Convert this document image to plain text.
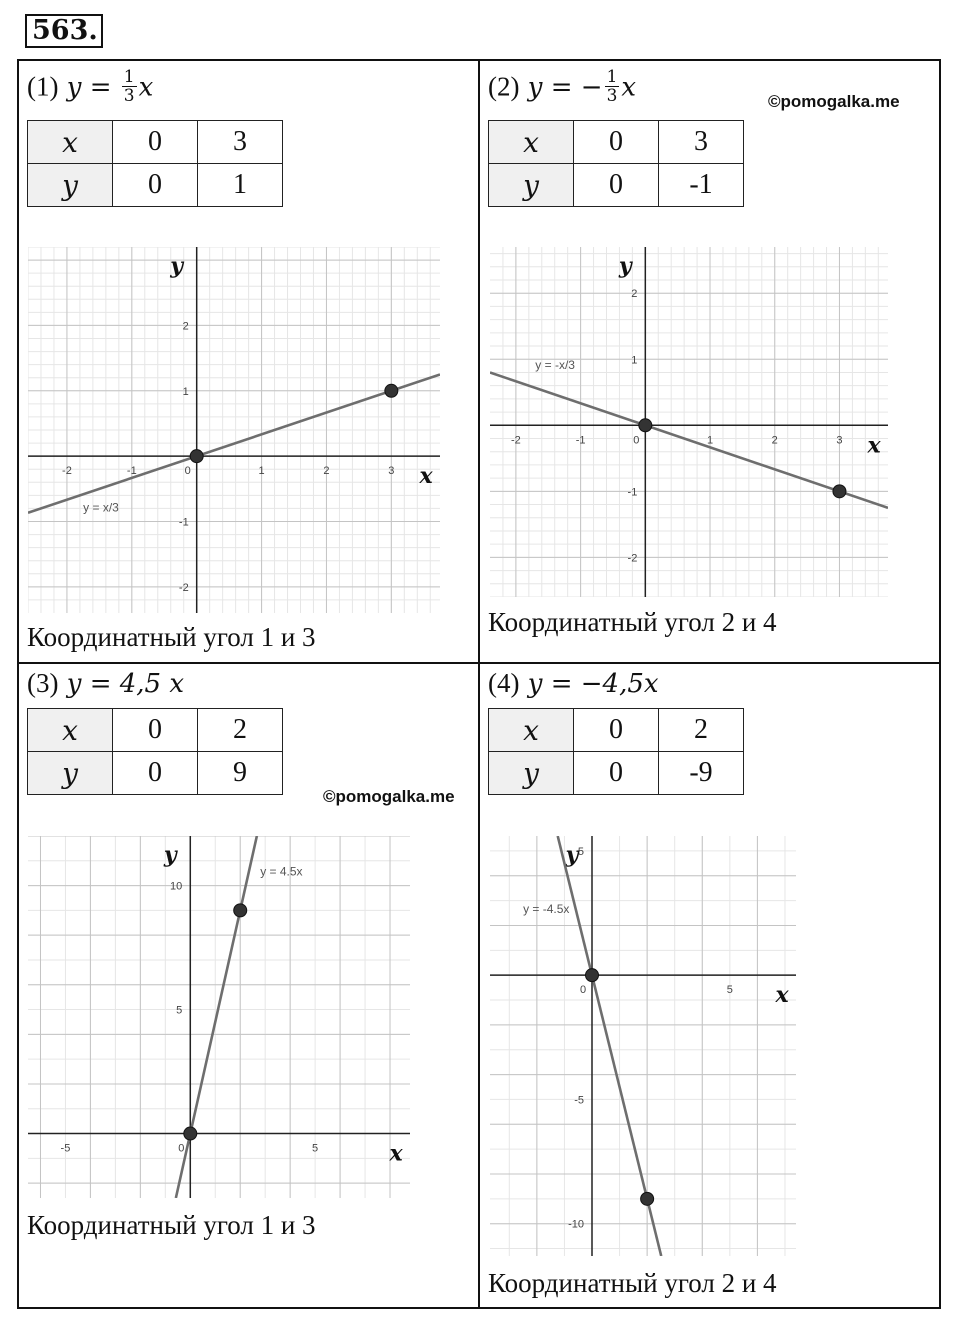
563.
(1) $y = \frac{1}{3}$ x
x	0	3
y	0	1
-2	-1	0	1	2	3
2
1
-1
-2
x
y
y = x/3
Координатный угол 1 и 3
(2) y = − $\frac{1}{3}$ x	©pomogalka.me
x	0	3
y	0	-1
-2	-1	0	1	2	3
2
1
-1
-2
x
y
y = -x/3
Координатный угол 2 и 4
(3) y = 4,5 x
x	0	2
y	0	9
©pomogalka.me
-5	0	5
10
5
x
y
y = 4.5x
Координатный угол 1 и 3
(4) y = −4,5x
x	0	2
y	0	-9
0	5
5
-5
-10
x
y
y = -4.5x
Координатный угол 2 и 4
